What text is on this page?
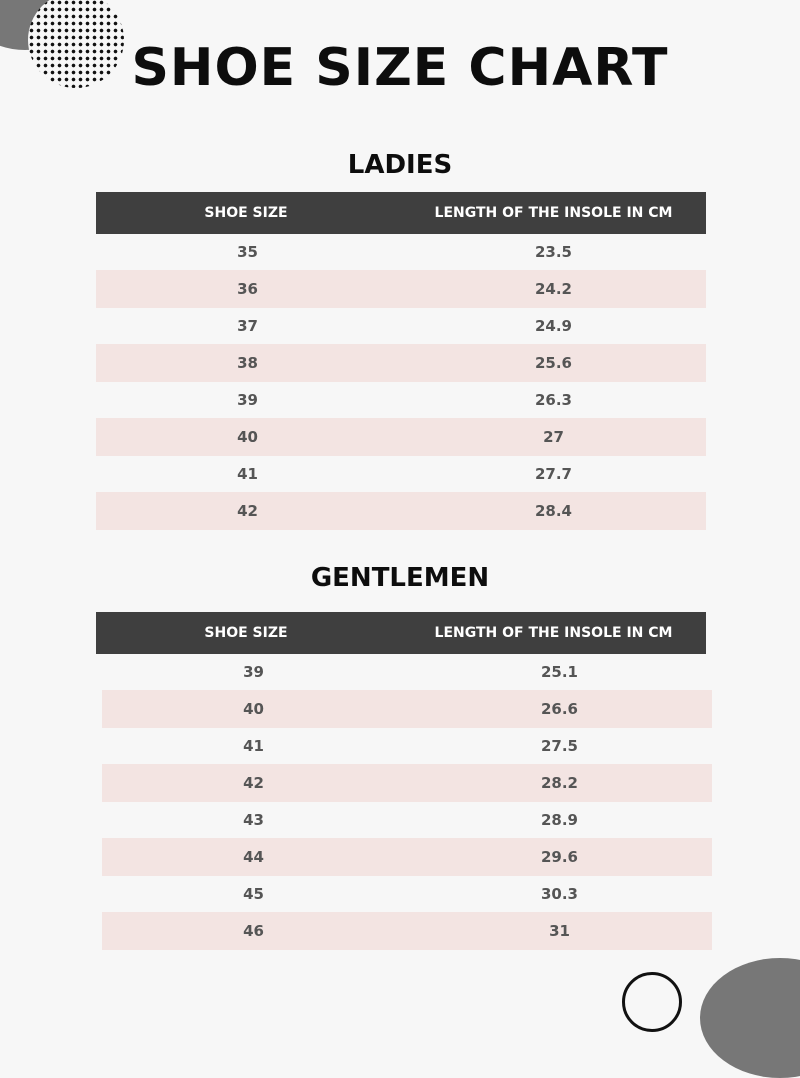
SHOE SIZE CHART
LADIES
SHOE SIZE	LENGTH OF THE INSOLE IN CM
35	23.5
36	24.2
37	24.9
38	25.6
39	26.3
40	27
41	27.7
42	28.4
GENTLEMEN
SHOE SIZE	LENGTH OF THE INSOLE IN CM
39	25.1
40	26.6
41	27.5
42	28.2
43	28.9
44	29.6
45	30.3
46	31
